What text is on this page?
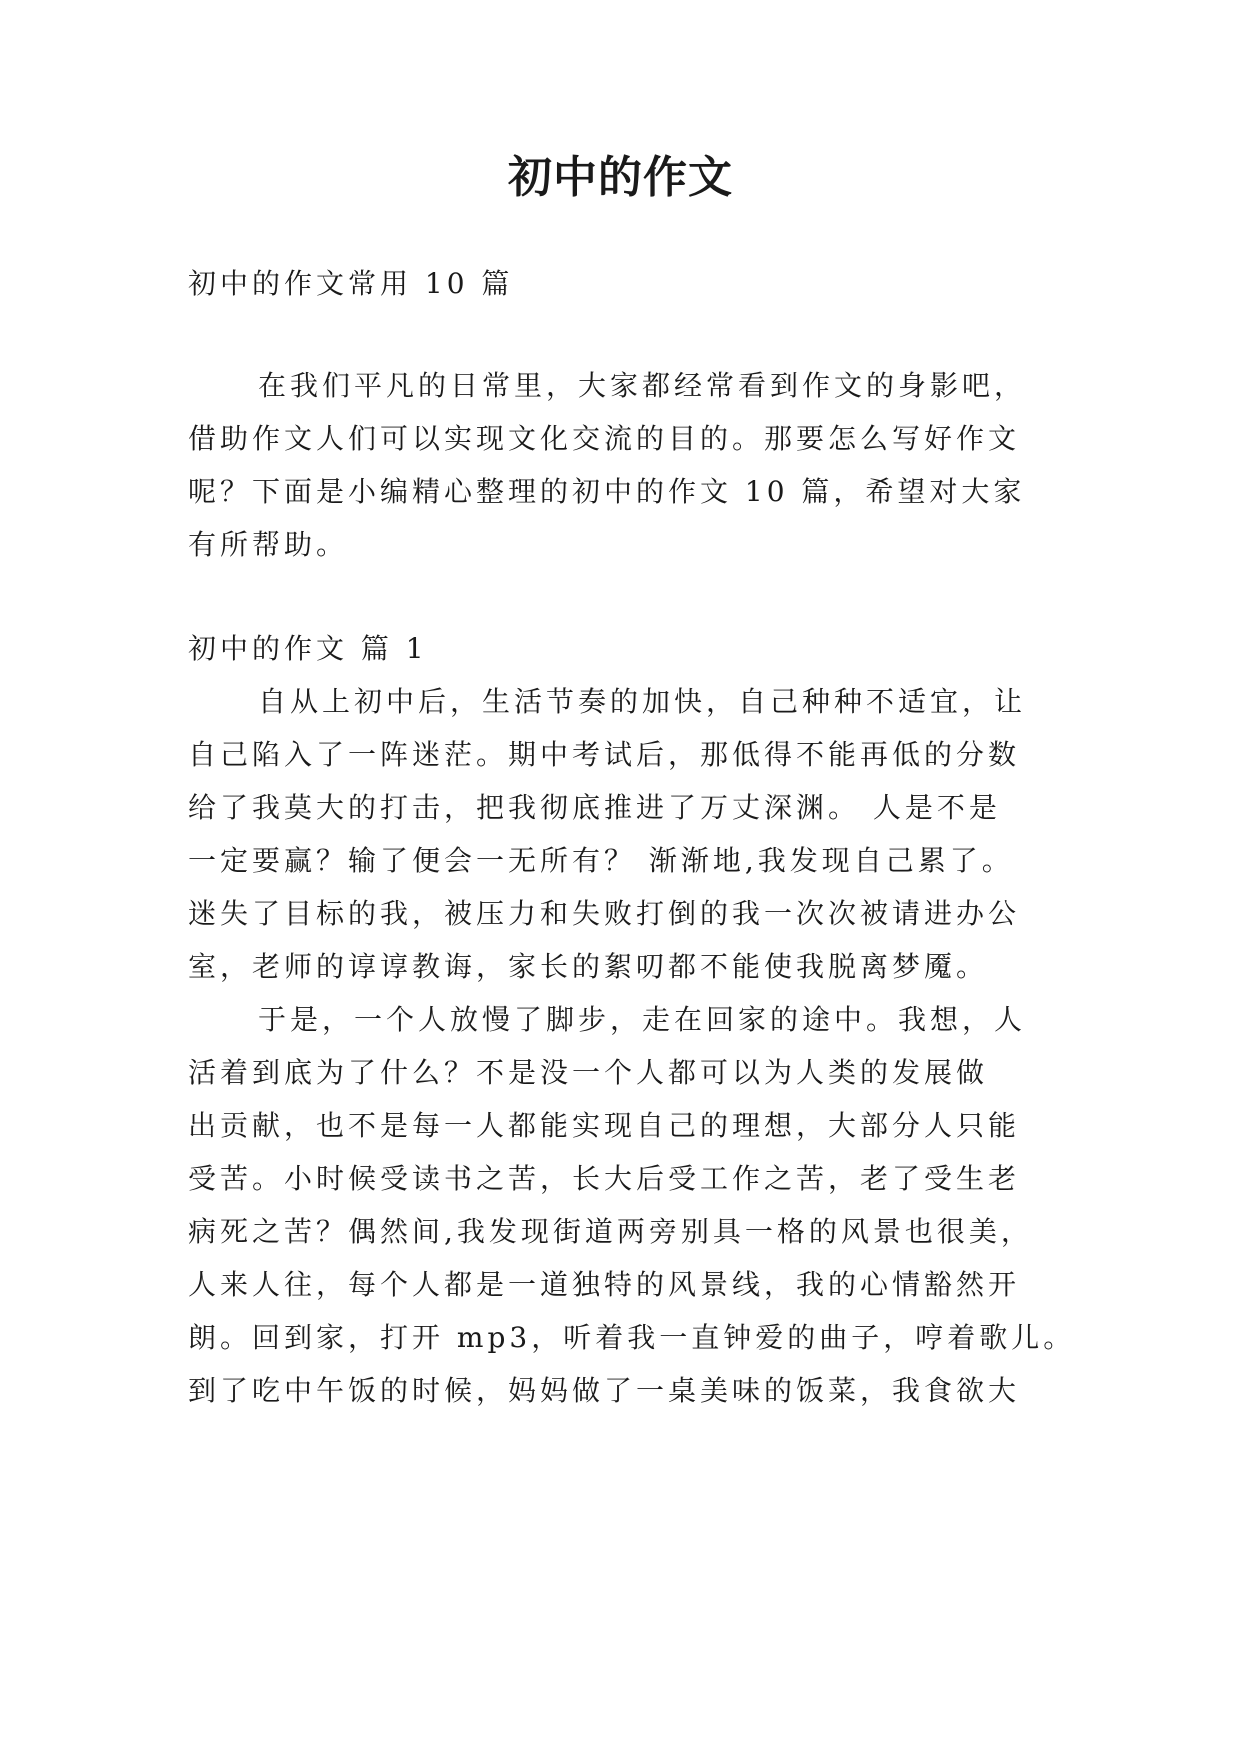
初中的作文

初中的作文常用 10 篇

在我们平凡的日常里，大家都经常看到作文的身影吧，

借助作文人们可以实现文化交流的目的。那要怎么写好作文

呢？下面是小编精心整理的初中的作文 10 篇，希望对大家

有所帮助。

初中的作文 篇 1

自从上初中后，生活节奏的加快，自己种种不适宜，让

自己陷入了一阵迷茫。期中考试后，那低得不能再低的分数

给了我莫大的打击，把我彻底推进了万丈深渊。 人是不是

一定要赢？输了便会一无所有？ 渐渐地,我发现自己累了。

迷失了目标的我，被压力和失败打倒的我一次次被请进办公

室，老师的谆谆教诲，家长的絮叨都不能使我脱离梦魇。

于是，一个人放慢了脚步，走在回家的途中。我想，人

活着到底为了什么？不是没一个人都可以为人类的发展做

出贡献，也不是每一人都能实现自己的理想，大部分人只能

受苦。小时候受读书之苦，长大后受工作之苦，老了受生老

病死之苦？偶然间,我发现街道两旁别具一格的风景也很美，

人来人往，每个人都是一道独特的风景线，我的心情豁然开

朗。回到家，打开 mp3，听着我一直钟爱的曲子，哼着歌儿。

到了吃中午饭的时候，妈妈做了一桌美味的饭菜，我食欲大
